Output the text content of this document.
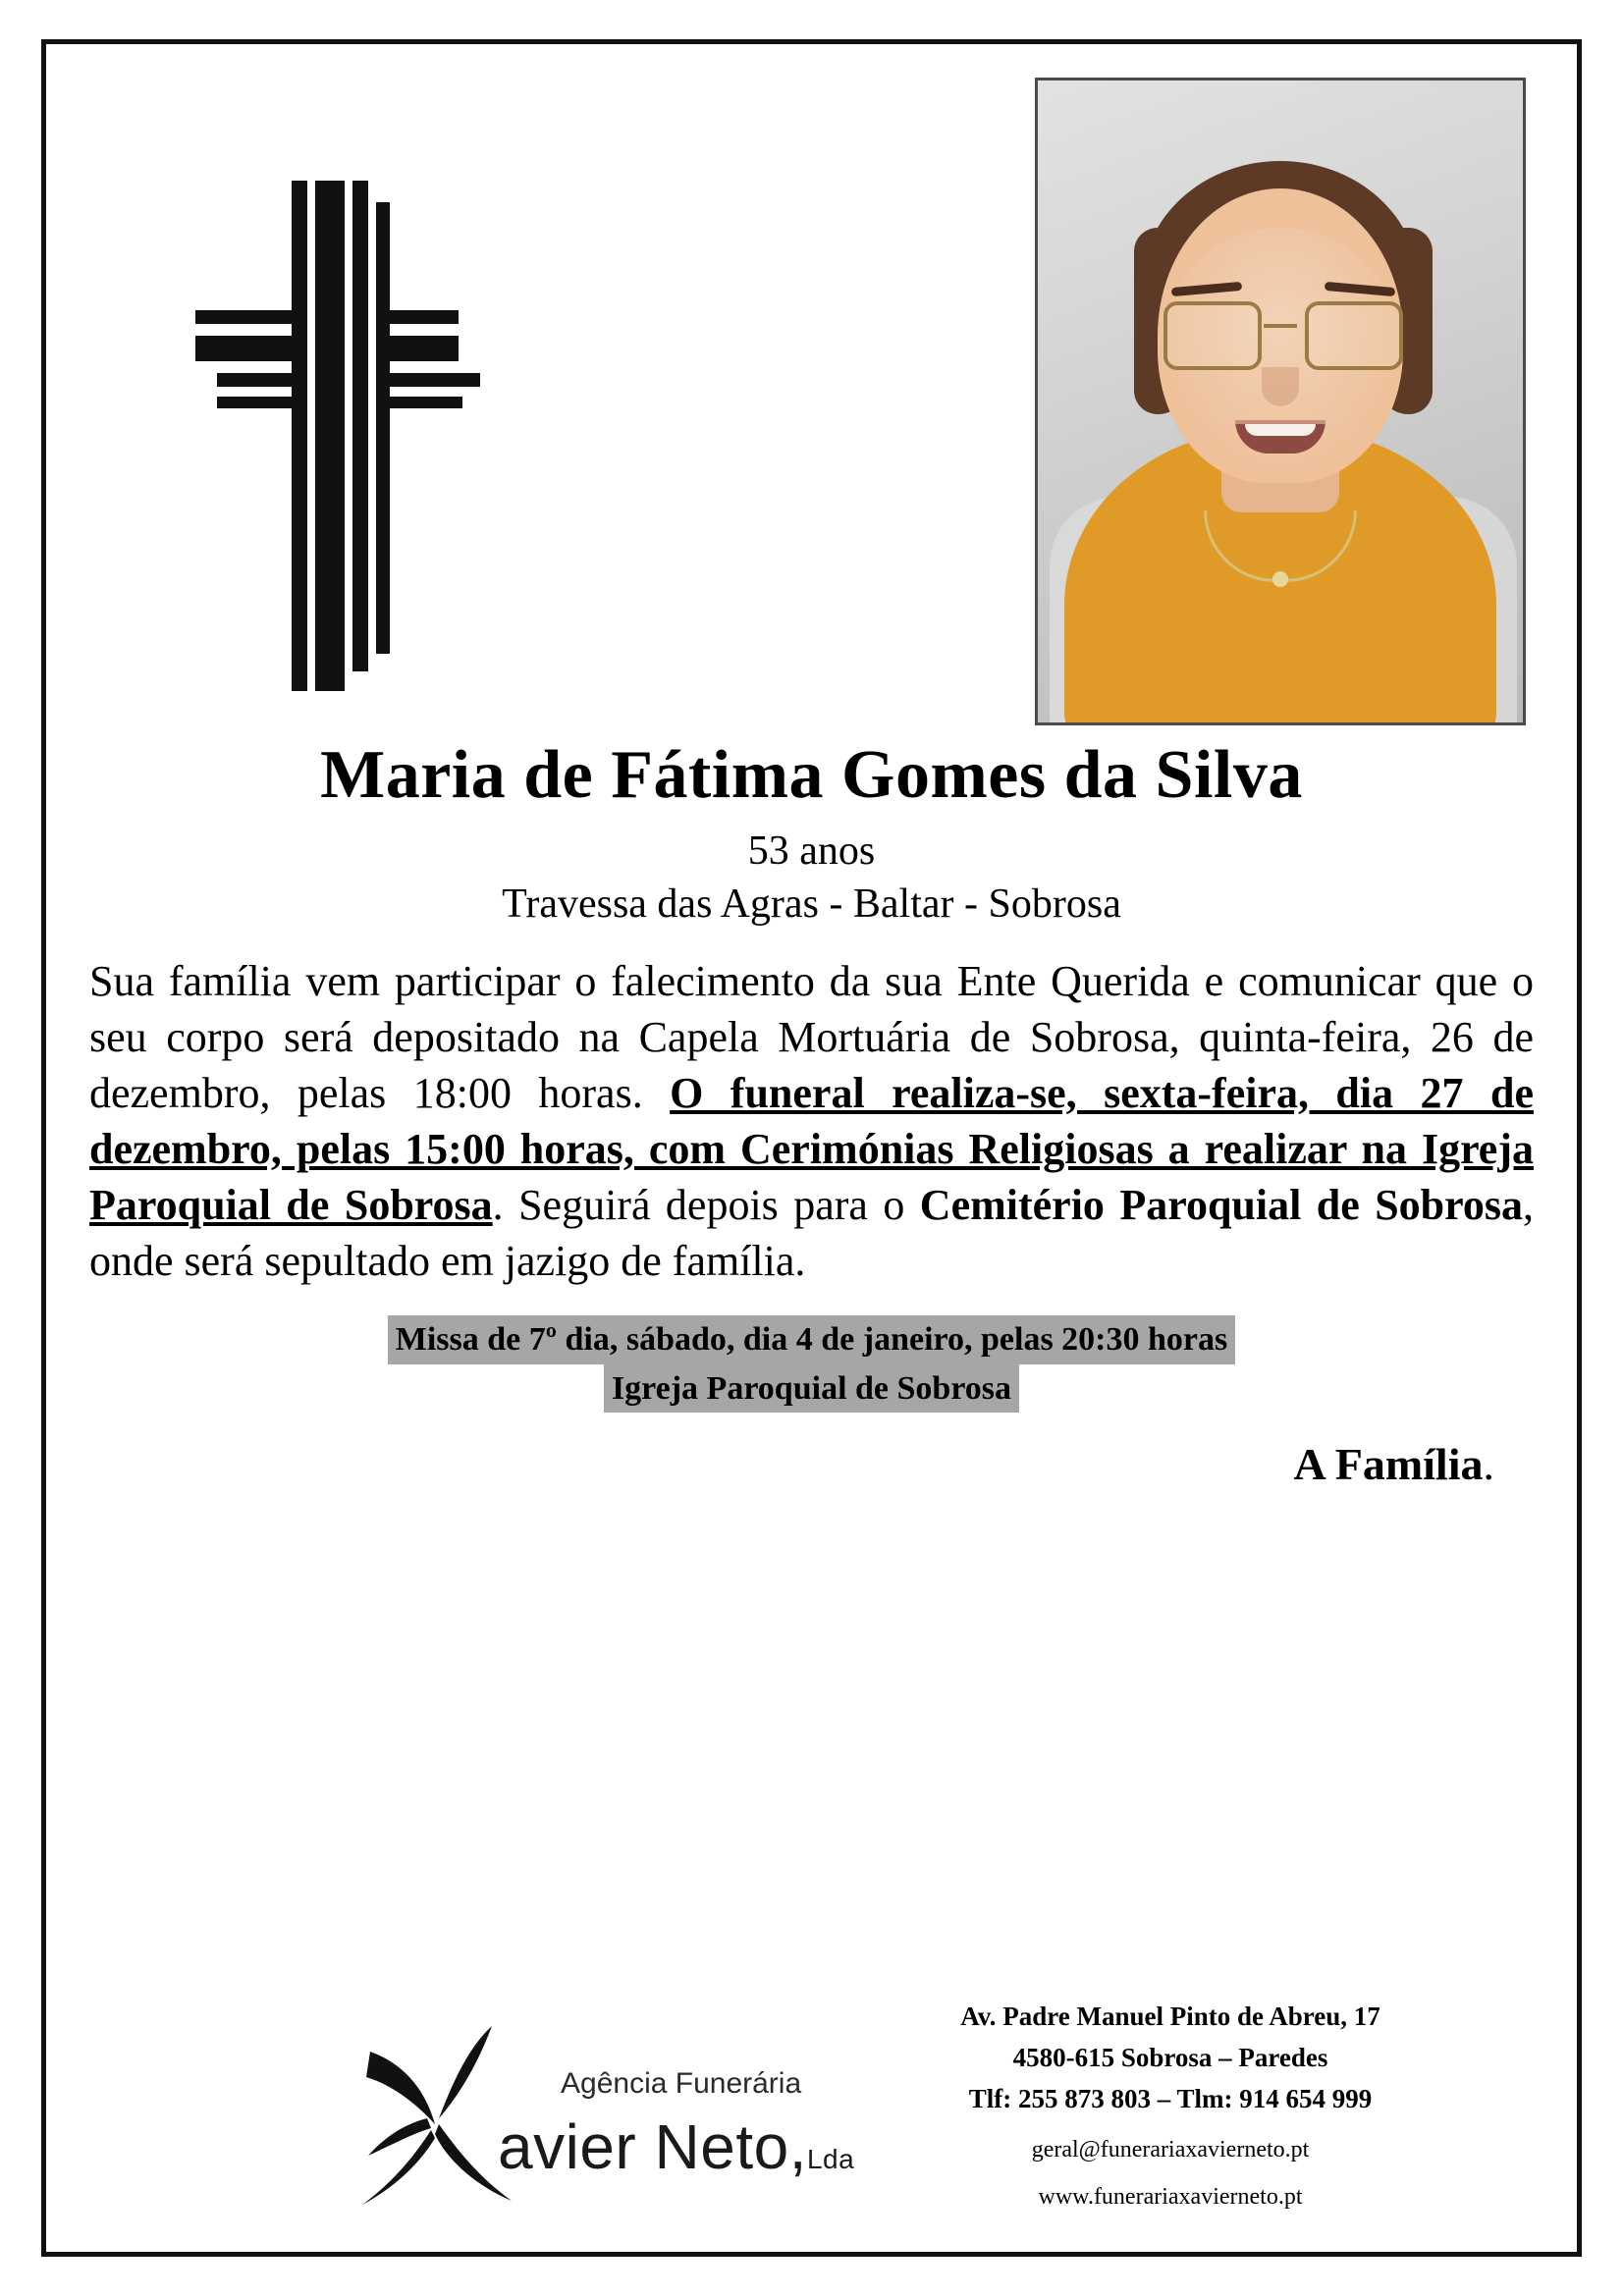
Maria de Fátima Gomes da Silva
53 anos
Travessa das Agras - Baltar - Sobrosa
Sua família vem participar o falecimento da sua Ente Querida e comunicar que o seu corpo será depositado na Capela Mortuária de Sobrosa, quinta-feira, 26 de dezembro, pelas 18:00 horas. O funeral realiza-se, sexta-feira, dia 27 de dezembro, pelas 15:00 horas, com Cerimónias Religiosas a realizar na Igreja Paroquial de Sobrosa. Seguirá depois para o Cemitério Paroquial de Sobrosa, onde será sepultado em jazigo de família.
Missa de 7º dia, sábado, dia 4 de janeiro, pelas 20:30 horas
Igreja Paroquial de Sobrosa
A Família.
Agência Funerária
avier Neto,Lda
Av. Padre Manuel Pinto de Abreu, 17
4580-615 Sobrosa – Paredes
Tlf: 255 873 803 – Tlm: 914 654 999
geral@funerariaxavierneto.pt
www.funerariaxavierneto.pt
